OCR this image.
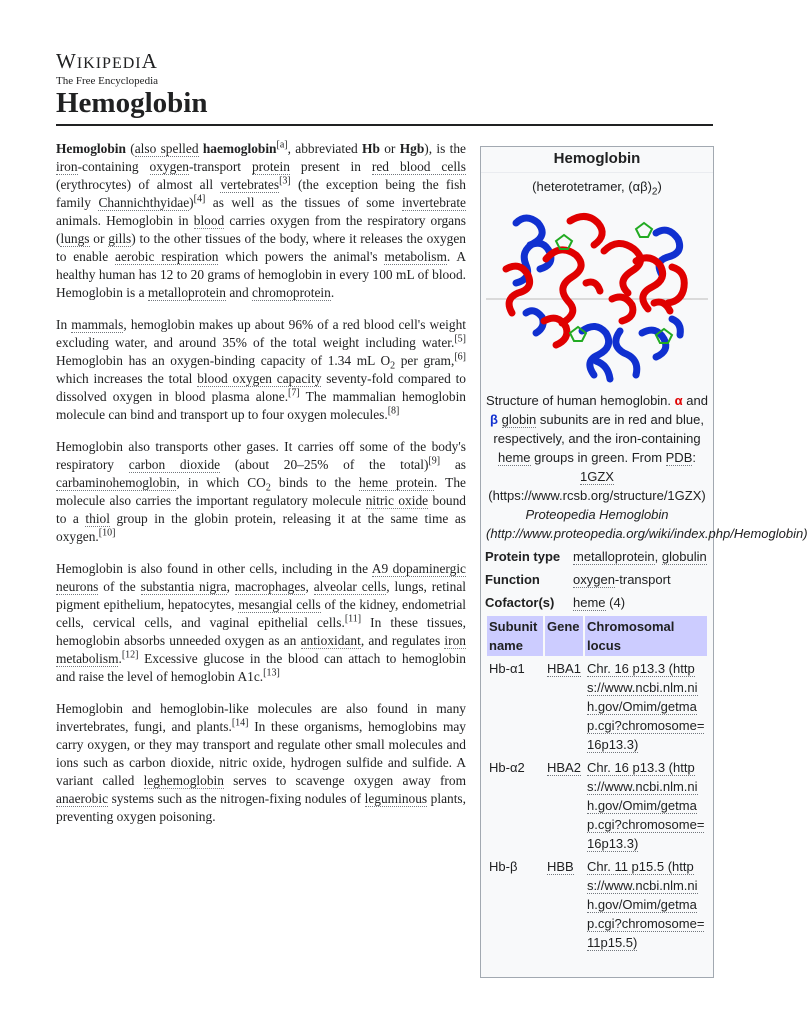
WIKIPEDIA
The Free Encyclopedia
Hemoglobin

Hemoglobin (also spelled haemoglobin[a], abbreviated Hb or Hgb), is the iron-containing oxygen-transport protein present in red blood cells (erythrocytes) of almost all vertebrates[3] (the exception being the fish family Channichthyidae)[4] as well as the tissues of some invertebrate animals. Hemoglobin in blood carries oxygen from the respiratory organs (lungs or gills) to the other tissues of the body, where it releases the oxygen to enable aerobic respiration which powers the animal's metabolism. A healthy human has 12 to 20 grams of hemoglobin in every 100 mL of blood. Hemoglobin is a metalloprotein and chromoprotein.

In mammals, hemoglobin makes up about 96% of a red blood cell's weight excluding water, and around 35% of the total weight including water.[5] Hemoglobin has an oxygen-binding capacity of 1.34 mL $O_2$ per gram,[6] which increases the total blood oxygen capacity seventy-fold compared to dissolved oxygen in blood plasma alone.[7] The mammalian hemoglobin molecule can bind and transport up to four oxygen molecules.[8]

Hemoglobin also transports other gases. It carries off some of the body's respiratory carbon dioxide (about 20–25% of the total)[9] as carbaminohemoglobin, in which $CO_2$ binds to the heme protein. The molecule also carries the important regulatory molecule nitric oxide bound to a thiol group in the globin protein, releasing it at the same time as oxygen.[10]

Hemoglobin is also found in other cells, including in the A9 dopaminergic neurons of the substantia nigra, macrophages, alveolar cells, lungs, retinal pigment epithelium, hepatocytes, mesangial cells of the kidney, endometrial cells, cervical cells, and vaginal epithelial cells.[11] In these tissues, hemoglobin absorbs unneeded oxygen as an antioxidant, and regulates iron metabolism.[12] Excessive glucose in the blood can attach to hemoglobin and raise the level of hemoglobin A1c.[13]

Hemoglobin and hemoglobin-like molecules are also found in many invertebrates, fungi, and plants.[14] In these organisms, hemoglobins may carry oxygen, or they may transport and regulate other small molecules and ions such as carbon dioxide, nitric oxide, hydrogen sulfide and sulfide. A variant called leghemoglobin serves to scavenge oxygen away from anaerobic systems such as the nitrogen-fixing nodules of leguminous plants, preventing oxygen poisoning.

Hemoglobin
(heterotetramer, $(\alpha\beta)_2$)
Structure of human hemoglobin. α and β globin subunits are in red and blue, respectively, and the iron-containing heme groups in green. From PDB: 1GZX (https://www.rcsb.org/structure/1GZX) Proteopedia Hemoglobin (http://www.proteopedia.org/wiki/index.php/Hemoglobin)
Protein type metalloprotein, globulin
Function	oxygen-transport
Cofactor(s)	heme (4)
Subunit name	Gene	Chromosomal locus
Hb-α1	HBA1	Chr. 16 p13.3 (https://www.ncbi.nlm.nih.gov/Omim/getmap.cgi?chromosome=16p13.3)
Hb-α2	HBA2	Chr. 16 p13.3 (https://www.ncbi.nlm.nih.gov/Omim/getmap.cgi?chromosome=16p13.3)
Hb-β	HBB	Chr. 11 p15.5 (https://www.ncbi.nlm.nih.gov/Omim/getmap.cgi?chromosome=11p15.5)
